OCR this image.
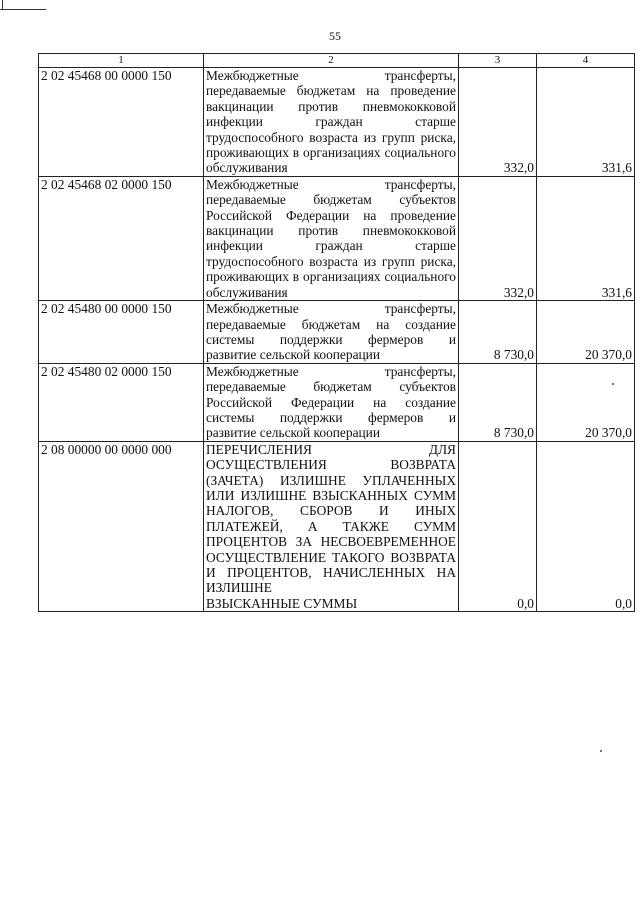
55
1	2	3	4
2 02 45468 00 0000 150	Межбюджетные трансферты, передаваемые бюджетам на проведение вакцинации против пневмококковой инфекции граждан старше трудоспособного возраста из групп риска, проживающих в организациях социального
обслуживания	332,0	331,6
2 02 45468 02 0000 150	Межбюджетные трансферты, передаваемые бюджетам субъектов Российской Федерации на проведение вакцинации против пневмококковой инфекции граждан старше трудоспособного возраста из групп риска, проживающих в организациях социального
обслуживания	332,0	331,6
2 02 45480 00 0000 150	Межбюджетные трансферты, передаваемые бюджетам на создание системы поддержки фермеров и
развитие сельской кооперации	8 730,0	20 370,0
2 02 45480 02 0000 150	Межбюджетные трансферты, передаваемые бюджетам субъектов Российской Федерации на создание системы поддержки фермеров и
развитие сельской кооперации	8 730,0	20 370,0
2 08 00000 00 0000 000	ПЕРЕЧИСЛЕНИЯ ДЛЯ ОСУЩЕСТВЛЕНИЯ ВОЗВРАТА (ЗАЧЕТА) ИЗЛИШНЕ УПЛАЧЕННЫХ ИЛИ ИЗЛИШНЕ ВЗЫСКАННЫХ СУММ НАЛОГОВ, СБОРОВ И ИНЫХ ПЛАТЕЖЕЙ, А ТАКЖЕ СУММ ПРОЦЕНТОВ ЗА НЕСВОЕВРЕМЕННОЕ ОСУЩЕСТВЛЕНИЕ ТАКОГО ВОЗВРАТА И ПРОЦЕНТОВ, НАЧИСЛЕННЫХ НА ИЗЛИШНЕ
ВЗЫСКАННЫЕ СУММЫ	0,0	0,0
